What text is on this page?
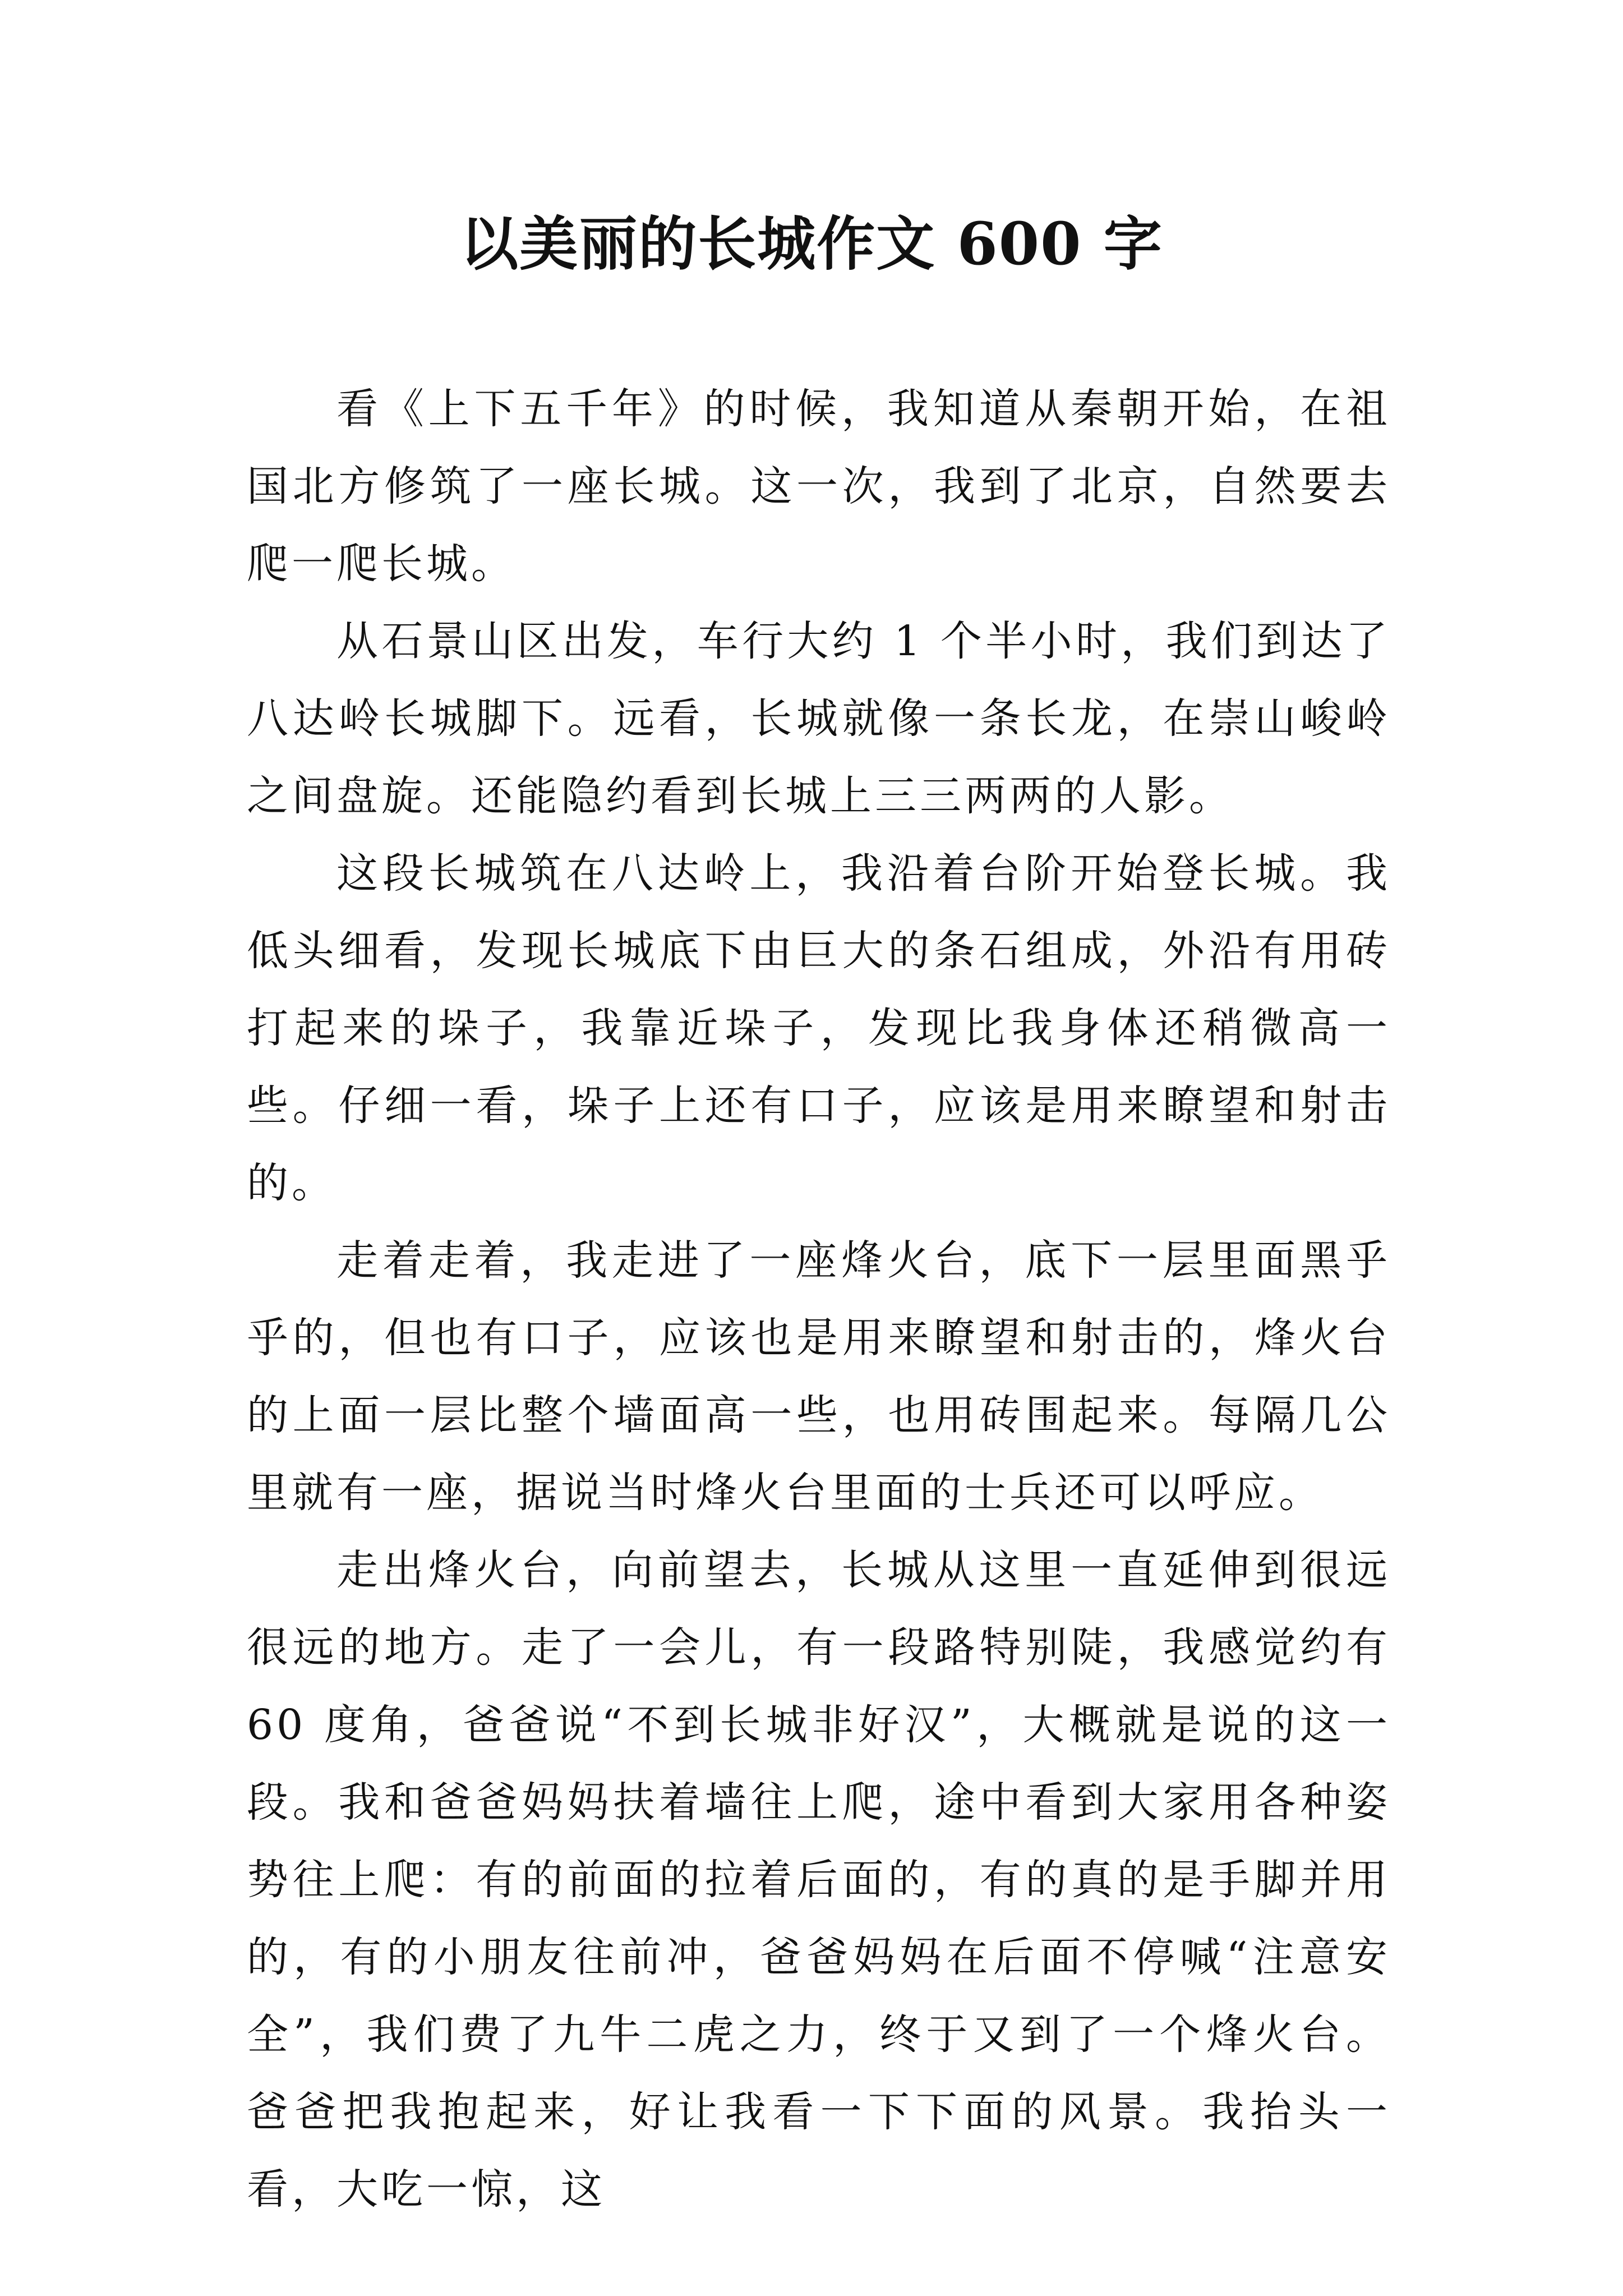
以美丽的长城作文 600 字

看《上下五千年》的时候，我知道从秦朝开始，在祖国北方修筑了一座长城。这一次，我到了北京，自然要去爬一爬长城。

从石景山区出发，车行大约 1 个半小时，我们到达了八达岭长城脚下。远看，长城就像一条长龙，在崇山峻岭之间盘旋。还能隐约看到长城上三三两两的人影。

这段长城筑在八达岭上，我沿着台阶开始登长城。我低头细看，发现长城底下由巨大的条石组成，外沿有用砖打起来的垛子，我靠近垛子，发现比我身体还稍微高一些。仔细一看，垛子上还有口子，应该是用来瞭望和射击的。

走着走着，我走进了一座烽火台，底下一层里面黑乎乎的，但也有口子，应该也是用来瞭望和射击的，烽火台的上面一层比整个墙面高一些，也用砖围起来。每隔几公里就有一座，据说当时烽火台里面的士兵还可以呼应。

走出烽火台，向前望去，长城从这里一直延伸到很远很远的地方。走了一会儿，有一段路特别陡，我感觉约有 60 度角，爸爸说“不到长城非好汉”，大概就是说的这一段。我和爸爸妈妈扶着墙往上爬，途中看到大家用各种姿势往上爬：有的前面的拉着后面的，有的真的是手脚并用的，有的小朋友往前冲，爸爸妈妈在后面不停喊“注意安全”，我们费了九牛二虎之力，终于又到了一个烽火台。爸爸把我抱起来，好让我看一下下面的风景。我抬头一看，大吃一惊，这
